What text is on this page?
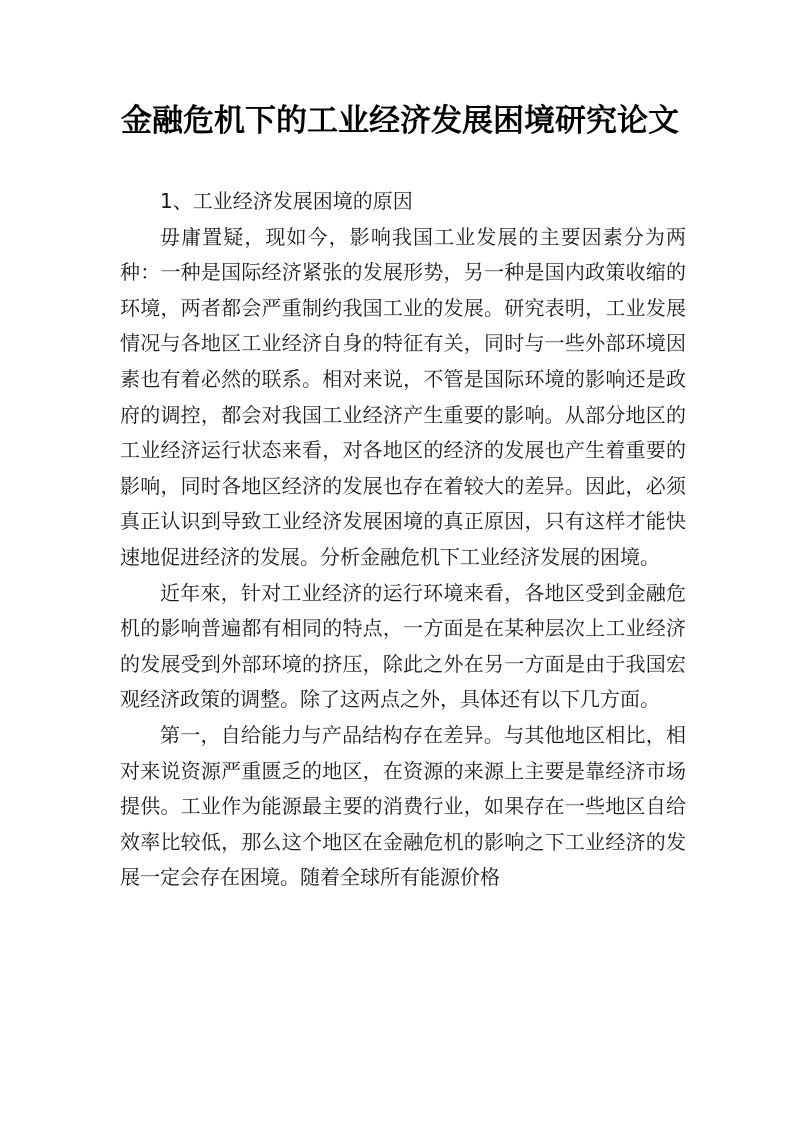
金融危机下的工业经济发展困境研究论文

1、工业经济发展困境的原因

毋庸置疑，现如今，影响我国工业发展的主要因素分为两种：一种是国际经济紧张的发展形势，另一种是国内政策收缩的环境，两者都会严重制约我国工业的发展。研究表明，工业发展情况与各地区工业经济自身的特征有关，同时与一些外部环境因素也有着必然的联系。相对来说，不管是国际环境的影响还是政府的调控，都会对我国工业经济产生重要的影响。从部分地区的工业经济运行状态来看，对各地区的经济的发展也产生着重要的影响，同时各地区经济的发展也存在着较大的差异。因此，必须真正认识到导致工业经济发展困境的真正原因，只有这样才能快速地促进经济的发展。分析金融危机下工业经济发展的困境。

近年來，针对工业经济的运行环境来看，各地区受到金融危机的影响普遍都有相同的特点，一方面是在某种层次上工业经济的发展受到外部环境的挤压，除此之外在另一方面是由于我国宏观经济政策的调整。除了这两点之外，具体还有以下几方面。

第一，自给能力与产品结构存在差异。与其他地区相比，相对来说资源严重匮乏的地区，在资源的来源上主要是靠经济市场提供。工业作为能源最主要的消费行业，如果存在一些地区自给效率比较低，那么这个地区在金融危机的影响之下工业经济的发展一定会存在困境。随着全球所有能源价格
